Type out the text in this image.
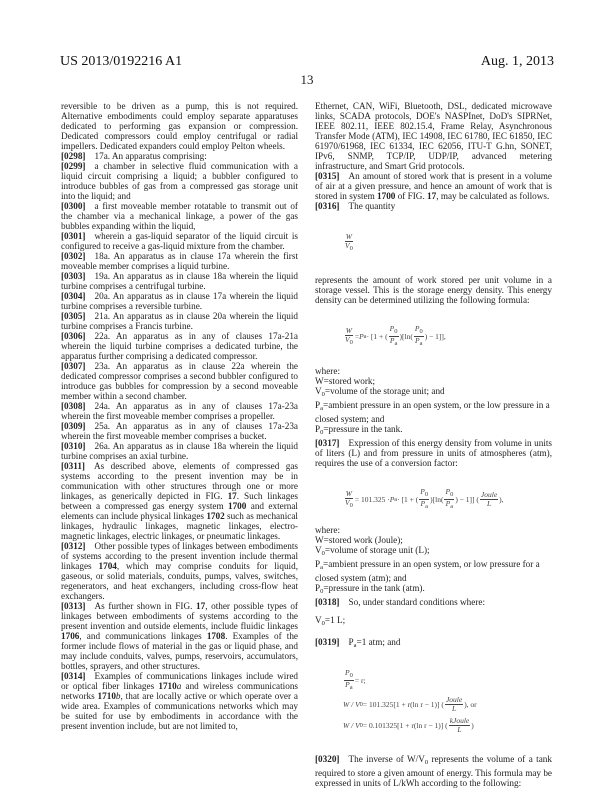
US 2013/0192216 A1	Aug. 1, 2013
13
reversible to be driven as a pump, this is not required. Alternative embodiments could employ separate apparatuses dedicated to performing gas expansion or compression. Dedicated compressors could employ centrifugal or radial impellers. Dedicated expanders could employ Pelton wheels.
[0298] 17a. An apparatus comprising:
[0299] a chamber in selective fluid communication with a liquid circuit comprising a liquid; a bubbler configured to introduce bubbles of gas from a compressed gas storage unit into the liquid; and
[0300] a first moveable member rotatable to transmit out of the chamber via a mechanical linkage, a power of the gas bubbles expanding within the liquid,
[0301] wherein a gas-liquid separator of the liquid circuit is configured to receive a gas-liquid mixture from the chamber.
[0302] 18a. An apparatus as in clause 17a wherein the first moveable member comprises a liquid turbine.
[0303] 19a. An apparatus as in clause 18a wherein the liquid turbine comprises a centrifugal turbine.
[0304] 20a. An apparatus as in clause 17a wherein the liquid turbine comprises a reversible turbine.
[0305] 21a. An apparatus as in clause 20a wherein the liquid turbine comprises a Francis turbine.
[0306] 22a. An apparatus as in any of clauses 17a-21a wherein the liquid turbine comprises a dedicated turbine, the apparatus further comprising a dedicated compressor.
[0307] 23a. An apparatus as in clause 22a wherein the dedicated compressor comprises a second bubbler configured to introduce gas bubbles for compression by a second moveable member within a second chamber.
[0308] 24a. An apparatus as in any of clauses 17a-23a wherein the first moveable member comprises a propeller.
[0309] 25a. An apparatus as in any of clauses 17a-23a wherein the first moveable member comprises a bucket.
[0310] 26a. An apparatus as in clause 18a wherein the liquid turbine comprises an axial turbine.
[0311] As described above, elements of compressed gas systems according to the present invention may be in communication with other structures through one or more linkages, as generically depicted in FIG. 17. Such linkages between a compressed gas energy system 1700 and external elements can include physical linkages 1702 such as mechanical linkages, hydraulic linkages, magnetic linkages, electro-magnetic linkages, electric linkages, or pneumatic linkages.
[0312] Other possible types of linkages between embodiments of systems according to the present invention include thermal linkages 1704, which may comprise conduits for liquid, gaseous, or solid materials, conduits, pumps, valves, switches, regenerators, and heat exchangers, including cross-flow heat exchangers.
[0313] As further shown in FIG. 17, other possible types of linkages between embodiments of systems according to the present invention and outside elements, include fluidic linkages 1706, and communications linkages 1708. Examples of the former include flows of material in the gas or liquid phase, and may include conduits, valves, pumps, reservoirs, accumulators, bottles, sprayers, and other structures.
[0314] Examples of communications linkages include wired or optical fiber linkages 1710a and wireless communications networks 1710b, that are locally active or which operate over a wide area. Examples of communications networks which may be suited for use by embodiments in accordance with the present invention include, but are not limited to,
Ethernet, CAN, WiFi, Bluetooth, DSL, dedicated microwave links, SCADA protocols, DOE's NASPInet, DoD's SIPRNet, IEEE 802.11, IEEE 802.15.4, Frame Relay, Asynchronous Transfer Mode (ATM), IEC 14908, IEC 61780, IEC 61850, IEC 61970/61968, IEC 61334, IEC 62056, ITU-T G.hn, SONET, IPv6, SNMP, TCP/IP, UDP/IP, advanced metering infrastructure, and Smart Grid protocols.
[0315] An amount of stored work that is present in a volume of air at a given pressure, and hence an amount of work that is stored in system 1700 of FIG. 17, may be calculated as follows.
[0316] The quantity
$\frac{W}{V0}$
represents the amount of work stored per unit volume in a storage vessel. This is the storage energy density. This energy density can be determined utilizing the following formula:
$\frac{W}{V0} = P$ a · [1 + ( $\frac{P0}{Pa} )[\ln( \frac{P0}{Pa}$ ) − 1]],
where:
W=stored work;
$V_0=volume$ of the storage unit; and
$P_a=ambient$ pressure in an open system, or the low pressure in a closed system; and
$P_0=pressure$ in the tank.
[0317] Expression of this energy density from volume in units of liters (L) and from pressure in units of atmospheres (atm), requires the use of a conversion factor:
$\frac{W}{V0} = 101.325 \cdot P$ a · [1 + ( $\frac{P0}{Pa} )[\ln( \frac{P0}{Pa}$ ) − 1]] ( $\frac{\text{Joule}}{L}$ ),
where:
W=stored work (Joule);
$V_0=volume$ of storage unit (L);
$P_a=ambient$ pressure in an open system, or low pressure for a closed system (atm); and
$P_0=pressure$ in the tank (atm).
[0318] So, under standard conditions where:
$V_0=1$ L;
[0319] $P_a=1$ atm; and
$\frac{P0}{Pa} = r$;
W / V 0 = 101.325[1 + r(ln r − 1)] ( $\frac{\text{Joule}}{L}$ ), or
W / V 0 = 0.101325[1 + r(ln r − 1)] ( $\frac{\text{kJoule}}{L}$ )
[0320] The inverse of $W/V_0$ represents the volume of a tank required to store a given amount of energy. This formula may be expressed in units of L/kWh according to the following:
